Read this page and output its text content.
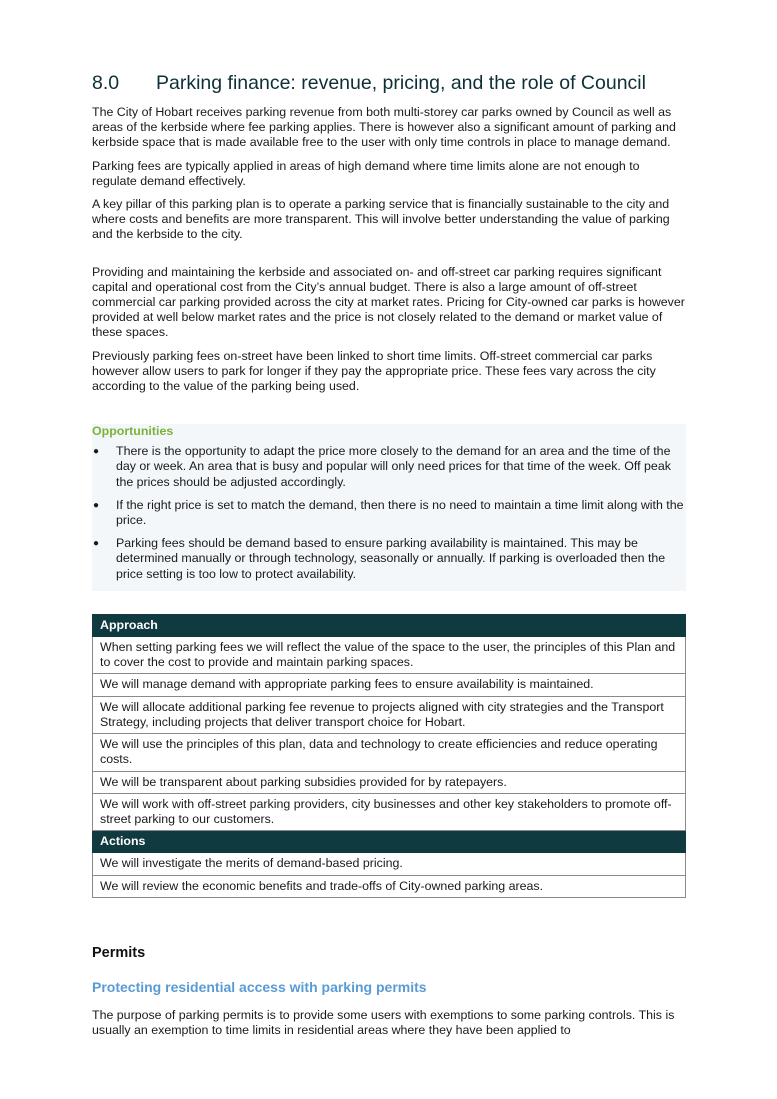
8.0 Parking finance: revenue, pricing, and the role of Council

The City of Hobart receives parking revenue from both multi-storey car parks owned by Council as well as areas of the kerbside where fee parking applies. There is however also a significant amount of parking and kerbside space that is made available free to the user with only time controls in place to manage demand.

Parking fees are typically applied in areas of high demand where time limits alone are not enough to regulate demand effectively.

A key pillar of this parking plan is to operate a parking service that is financially sustainable to the city and where costs and benefits are more transparent. This will involve better understanding the value of parking and the kerbside to the city.

Providing and maintaining the kerbside and associated on- and off-street car parking requires significant capital and operational cost from the City’s annual budget. There is also a large amount of off-street commercial car parking provided across the city at market rates. Pricing for City-owned car parks is however provided at well below market rates and the price is not closely related to the demand or market value of these spaces.

Previously parking fees on-street have been linked to short time limits. Off-street commercial car parks however allow users to park for longer if they pay the appropriate price. These fees vary across the city according to the value of the parking being used.

Opportunities
● There is the opportunity to adapt the price more closely to the demand for an area and the time of the day or week. An area that is busy and popular will only need prices for that time of the week. Off peak the prices should be adjusted accordingly.
● If the right price is set to match the demand, then there is no need to maintain a time limit along with the price.
● Parking fees should be demand based to ensure parking availability is maintained. This may be determined manually or through technology, seasonally or annually. If parking is overloaded then the price setting is too low to protect availability.
Approach
When setting parking fees we will reflect the value of the space to the user, the principles of this Plan and to cover the cost to provide and maintain parking spaces.
We will manage demand with appropriate parking fees to ensure availability is maintained.
We will allocate additional parking fee revenue to projects aligned with city strategies and the Transport Strategy, including projects that deliver transport choice for Hobart.
We will use the principles of this plan, data and technology to create efficiencies and reduce operating costs.
We will be transparent about parking subsidies provided for by ratepayers.
We will work with off-street parking providers, city businesses and other key stakeholders to promote off-street parking to our customers.
Actions
We will investigate the merits of demand-based pricing.
We will review the economic benefits and trade-offs of City-owned parking areas.
Permits
Protecting residential access with parking permits

The purpose of parking permits is to provide some users with exemptions to some parking controls. This is usually an exemption to time limits in residential areas where they have been applied to
